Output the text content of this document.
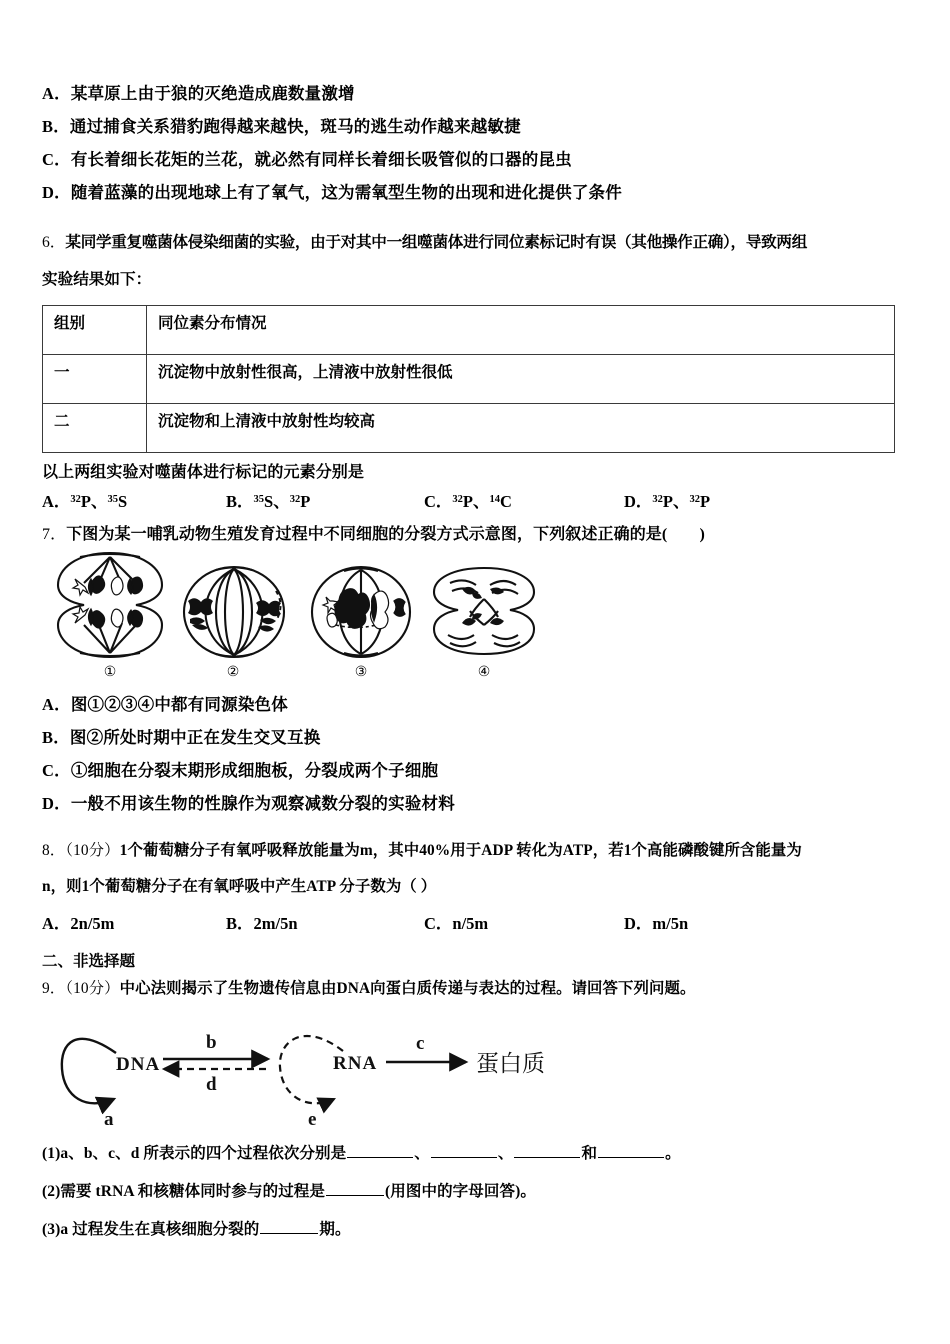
A． 某草原上由于狼的灭绝造成鹿数量激增
B． 通过捕食关系猎豹跑得越来越快，斑马的逃生动作越来越敏捷
C． 有长着细长花矩的兰花，就必然有同样长着细长吸管似的口器的昆虫
D． 随着蓝藻的出现地球上有了氧气，这为需氧型生物的出现和进化提供了条件
6．某同学重复噬菌体侵染细菌的实验，由于对其中一组噬菌体进行同位素标记时有误（其他操作正确），导致两组
实验结果如下：
组别	同位素分布情况
一	沉淀物中放射性很高，上清液中放射性很低
二	沉淀物和上清液中放射性均较高
以上两组实验对噬菌体进行标记的元素分别是
A． 32 P 、 35 S	B． 35 S 、 32 P	C． 32 P 、 14 C	D． 32 P 、 32 P
7．下图为某一哺乳动物生殖发育过程中不同细胞的分裂方式示意图，下列叙述正确的是(　　)
①	②	③	④
A． 图①②③④中都有同源染色体
B． 图②所处时期中正在发生交叉互换
C． ①细胞在分裂末期形成细胞板，分裂成两个子细胞
D． 一般不用该生物的性腺作为观察减数分裂的实验材料
8．（10分）1个葡萄糖分子有氧呼吸释放能量为m，其中40%用于ADP 转化为ATP，若1个高能磷酸键所含能量为
n，则1个葡萄糖分子在有氧呼吸中产生ATP 分子数为（ ）
A． 2n/5m	B． 2m/5n	C． n/5m	D． m/5n
二、非选择题
9．（10分）中心法则揭示了生物遗传信息由DNA向蛋白质传递与表达的过程。请回答下列问题。
a
DNA
b
d
e
RNA
c
蛋白质
(1)a、b、c、d 所表示的四个过程依次分别是	、	、	和	。
(2)需要 tRNA 和核糖体同时参与的过程是	(用图中的字母回答)。
(3)a 过程发生在真核细胞分裂的	期。
